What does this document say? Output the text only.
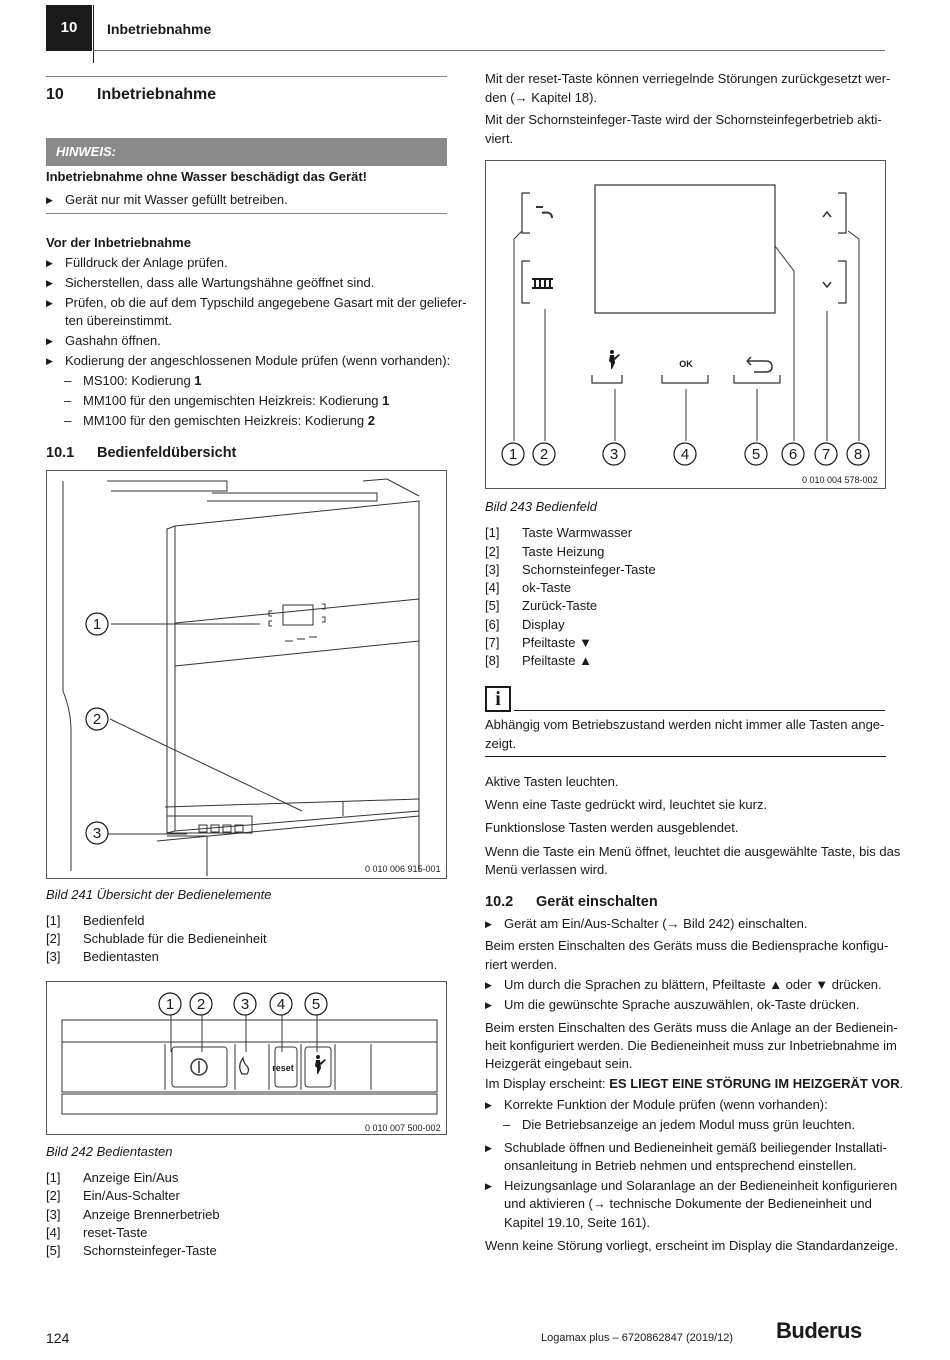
10	Inbetriebnahme
10 Inbetriebnahme
HINWEIS:
Inbetriebnahme ohne Wasser beschädigt das Gerät!
▶ Gerät nur mit Wasser gefüllt betreiben.
Vor der Inbetriebnahme
▶ Fülldruck der Anlage prüfen.
▶ Sicherstellen, dass alle Wartungshähne geöffnet sind.
▶ Prüfen, ob die auf dem Typschild angegebene Gasart mit der geliefer-
ten übereinstimmt.
▶ Gashahn öffnen.
▶ Kodierung der angeschlossenen Module prüfen (wenn vorhanden):
– MS100: Kodierung 1
– MM100 für den ungemischten Heizkreis: Kodierung 1
– MM100 für den gemischten Heizkreis: Kodierung 2
10.1 Bedienfeldübersicht
1
2
3
0 010 006 915-001
Bild 241 Übersicht der Bedienelemente
[1] Bedienfeld
[2] Schublade für die Bedieneinheit
[3] Bedientasten
reset
1 2 3 4 5
0 010 007 500-002
Bild 242 Bedientasten
[1] Anzeige Ein/Aus
[2] Ein/Aus-Schalter
[3] Anzeige Brennerbetrieb
[4] reset-Taste
[5] Schornsteinfeger-Taste
Mit der reset-Taste können verriegelnde Störungen zurückgesetzt wer-
den (→ Kapitel 18).
Mit der Schornsteinfeger-Taste wird der Schornsteinfegerbetrieb akti-
viert.
OK
1 2	3	4	5 6 7 8
0 010 004 578-002
Bild 243 Bedienfeld
[1] Taste Warmwasser
[2] Taste Heizung
[3] Schornsteinfeger-Taste
[4] ok-Taste
[5] Zurück-Taste
[6] Display
[7] Pfeiltaste ▼
[8] Pfeiltaste ▲
i
Abhängig vom Betriebszustand werden nicht immer alle Tasten ange-
zeigt.
Aktive Tasten leuchten.
Wenn eine Taste gedrückt wird, leuchtet sie kurz.
Funktionslose Tasten werden ausgeblendet.
Wenn die Taste ein Menü öffnet, leuchtet die ausgewählte Taste, bis das
Menü verlassen wird.
10.2 Gerät einschalten
▶ Gerät am Ein/Aus-Schalter (→ Bild 242) einschalten.
Beim ersten Einschalten des Geräts muss die Bediensprache konfigu-
riert werden.
▶ Um durch die Sprachen zu blättern, Pfeiltaste ▲ oder ▼ drücken.
▶ Um die gewünschte Sprache auszuwählen, ok-Taste drücken.
Beim ersten Einschalten des Geräts muss die Anlage an der Bedienein-
heit konfiguriert werden. Die Bedieneinheit muss zur Inbetriebnahme im
Heizgerät eingebaut sein.
Im Display erscheint: ES LIEGT EINE STÖRUNG IM HEIZGERÄT VOR.
▶ Korrekte Funktion der Module prüfen (wenn vorhanden):
– Die Betriebsanzeige an jedem Modul muss grün leuchten.
▶ Schublade öffnen und Bedieneinheit gemäß beiliegender Installati-
onsanleitung in Betrieb nehmen und entsprechend einstellen.
▶ Heizungsanlage und Solaranlage an der Bedieneinheit konfigurieren
und aktivieren (→ technische Dokumente der Bedieneinheit und
Kapitel 19.10, Seite 161).
Wenn keine Störung vorliegt, erscheint im Display die Standardanzeige.
124	Logamax plus – 6720862847 (2019/12) Buderus
